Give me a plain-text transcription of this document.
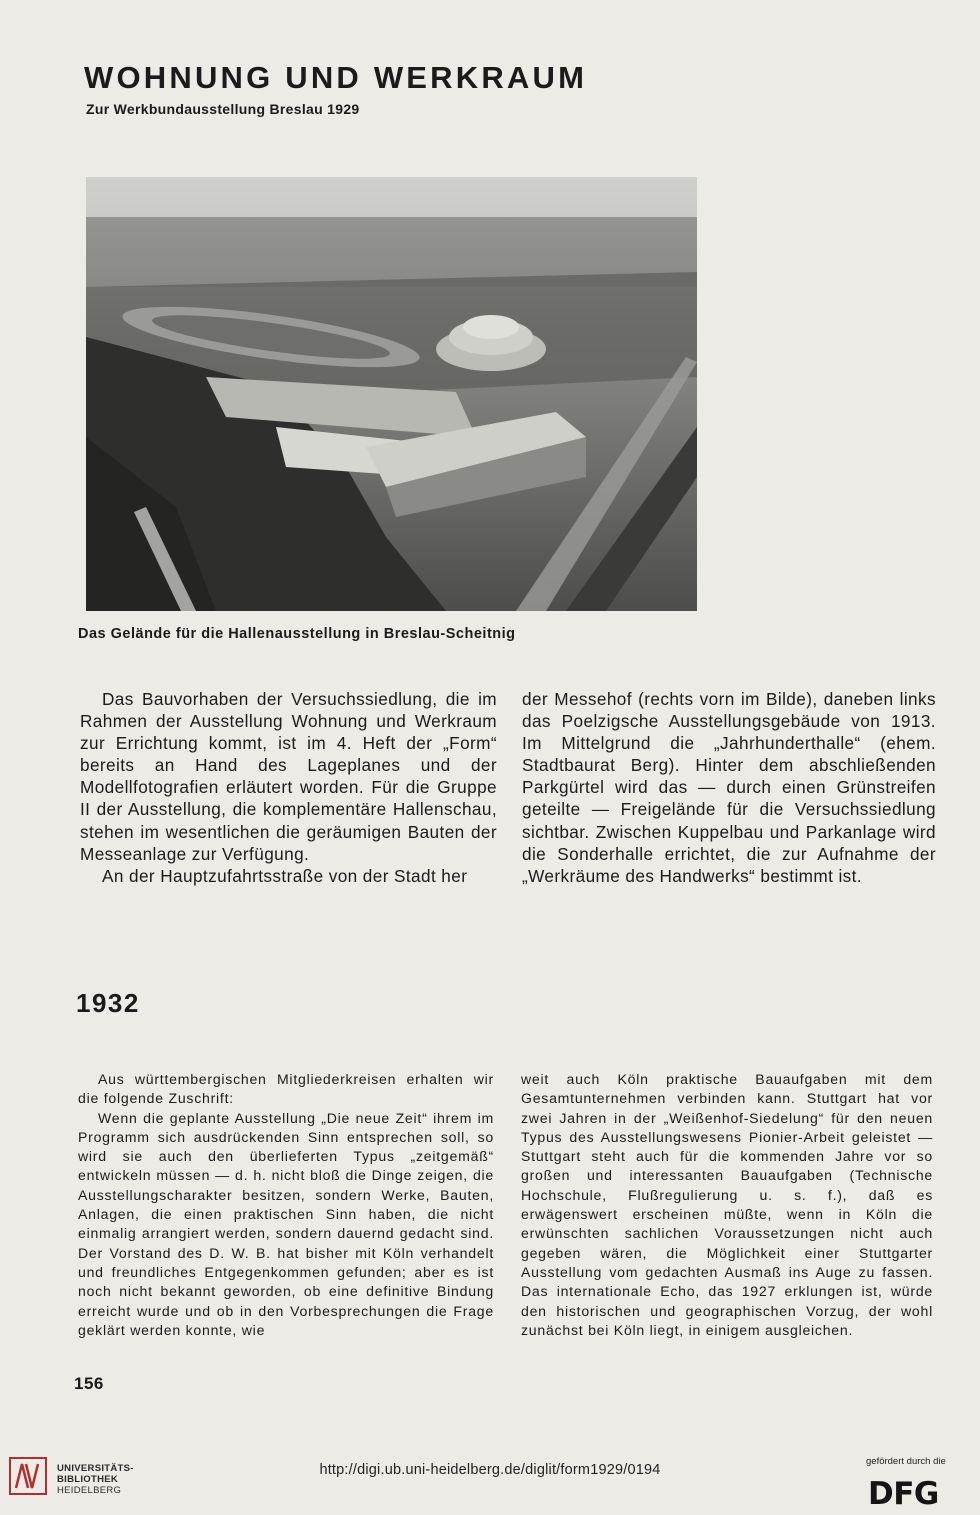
WOHNUNG UND WERKRAUM
Zur Werkbundausstellung Breslau 1929
Das Gelände für die Hallenausstellung in Breslau-Scheitnig

Das Bauvorhaben der Versuchssiedlung, die im Rahmen der Ausstellung Wohnung und Werkraum zur Errichtung kommt, ist im 4. Heft der „Form“ bereits an Hand des Lageplanes und der Modellfotografien erläutert worden. Für die Gruppe II der Ausstellung, die komplementäre Hallenschau, stehen im wesentlichen die geräumigen Bauten der Messeanlage zur Verfügung.

An der Hauptzufahrtsstraße von der Stadt her

der Messehof (rechts vorn im Bilde), daneben links das Poelzigsche Ausstellungsgebäude von 1913. Im Mittelgrund die „Jahrhunderthalle“ (ehem. Stadtbaurat Berg). Hinter dem abschließenden Parkgürtel wird das — durch einen Grünstreifen geteilte — Freigelände für die Versuchssiedlung sichtbar. Zwischen Kuppelbau und Parkanlage wird die Sonderhalle errichtet, die zur Aufnahme der „Werkräume des Handwerks“ bestimmt ist.

1932

Aus württembergischen Mitgliederkreisen erhalten wir die folgende Zuschrift:

Wenn die geplante Ausstellung „Die neue Zeit“ ihrem im Programm sich ausdrückenden Sinn entsprechen soll, so wird sie auch den überlieferten Typus „zeitgemäß“ entwickeln müssen — d. h. nicht bloß die Dinge zeigen, die Ausstellungscharakter besitzen, sondern Werke, Bauten, Anlagen, die einen praktischen Sinn haben, die nicht einmalig arrangiert werden, sondern dauernd gedacht sind. Der Vorstand des D. W. B. hat bisher mit Köln verhandelt und freundliches Entgegenkommen gefunden; aber es ist noch nicht bekannt geworden, ob eine definitive Bindung erreicht wurde und ob in den Vorbesprechungen die Frage geklärt werden konnte, wie

weit auch Köln praktische Bauaufgaben mit dem Gesamtunternehmen verbinden kann. Stuttgart hat vor zwei Jahren in der „Weißenhof-Siedelung“ für den neuen Typus des Ausstellungswesens Pionier-Arbeit geleistet — Stuttgart steht auch für die kommenden Jahre vor so großen und interessanten Bauaufgaben (Technische Hochschule, Flußregulierung u. s. f.), daß es erwägenswert erscheinen müßte, wenn in Köln die erwünschten sachlichen Voraussetzungen nicht auch gegeben wären, die Möglichkeit einer Stuttgarter Ausstellung vom gedachten Ausmaß ins Auge zu fassen. Das internationale Echo, das 1927 erklungen ist, würde den historischen und geographischen Vorzug, der wohl zunächst bei Köln liegt, in einigem ausgleichen.

156
UNIVERSITÄTS-
BIBLIOTHEK
HEIDELBERG
http://digi.ub.uni-heidelberg.de/diglit/form1929/0194
gefördert durch die
DFG
